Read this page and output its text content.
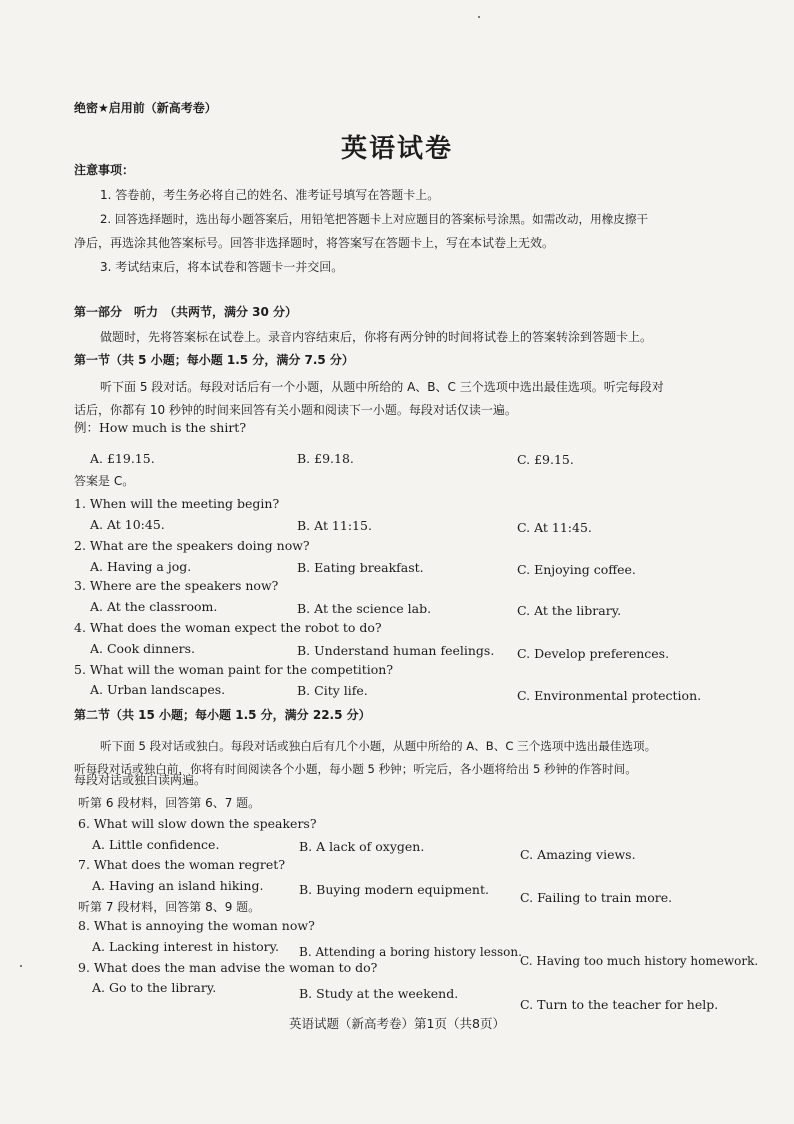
绝密★启用前（新高考卷）
英语试卷
注意事项：
1. 答卷前，考生务必将自己的姓名、准考证号填写在答题卡上。
2. 回答选择题时，选出每小题答案后，用铅笔把答题卡上对应题目的答案标号涂黑。如需改动，用橡皮擦干
净后，再选涂其他答案标号。回答非选择题时，将答案写在答题卡上，写在本试卷上无效。
3. 考试结束后，将本试卷和答题卡一并交回。
第一部分　听力　（共两节，满分 30 分）
做题时，先将答案标在试卷上。录音内容结束后，你将有两分钟的时间将试卷上的答案转涂到答题卡上。
第一节（共 5 小题；每小题 1.5 分，满分 7.5 分）
听下面 5 段对话。每段对话后有一个小题，从题中所给的 A、B、C 三个选项中选出最佳选项。听完每段对
话后，你都有 10 秒钟的时间来回答有关小题和阅读下一小题。每段对话仅读一遍。
例：How much is the shirt?
A. £19.15.	B. £9.18.	C. £9.15.
答案是 C。
1. When will the meeting begin?
A. At 10:45.	B. At 11:15.	C. At 11:45.
2. What are the speakers doing now?
A. Having a jog.	B. Eating breakfast.	C. Enjoying coffee.
3. Where are the speakers now?
A. At the classroom.	B. At the science lab.	C. At the library.
4. What does the woman expect the robot to do?
A. Cook dinners.	B. Understand human feelings. C. Develop preferences.
5. What will the woman paint for the competition?
A. Urban landscapes.	B. City life.	C. Environmental protection.
第二节（共 15 小题；每小题 1.5 分，满分 22.5 分）
听下面 5 段对话或独白。每段对话或独白后有几个小题，从题中所给的 A、B、C 三个选项中选出最佳选项。
听每段对话或独白前，你将有时间阅读各个小题，每小题 5 秒钟；听完后，各小题将给出 5 秒钟的作答时间。
每段对话或独白读两遍。
听第 6 段材料，回答第 6、7 题。
6. What will slow down the speakers?
A. Little confidence.	B. A lack of oxygen.
C. Amazing views.
7. What does the woman regret?
A. Having an island hiking.	B. Buying modern equipment.
C. Failing to train more.
听第 7 段材料，回答第 8、9 题。
8. What is annoying the woman now?
A. Lacking interest in history. B. Attending a boring history lesson.
C. Having too much history homework.
9. What does the man advise the woman to do?
A. Go to the library.	B. Study at the weekend.
C. Turn to the teacher for help.
英语试题（新高考卷）第1页（共8页）
